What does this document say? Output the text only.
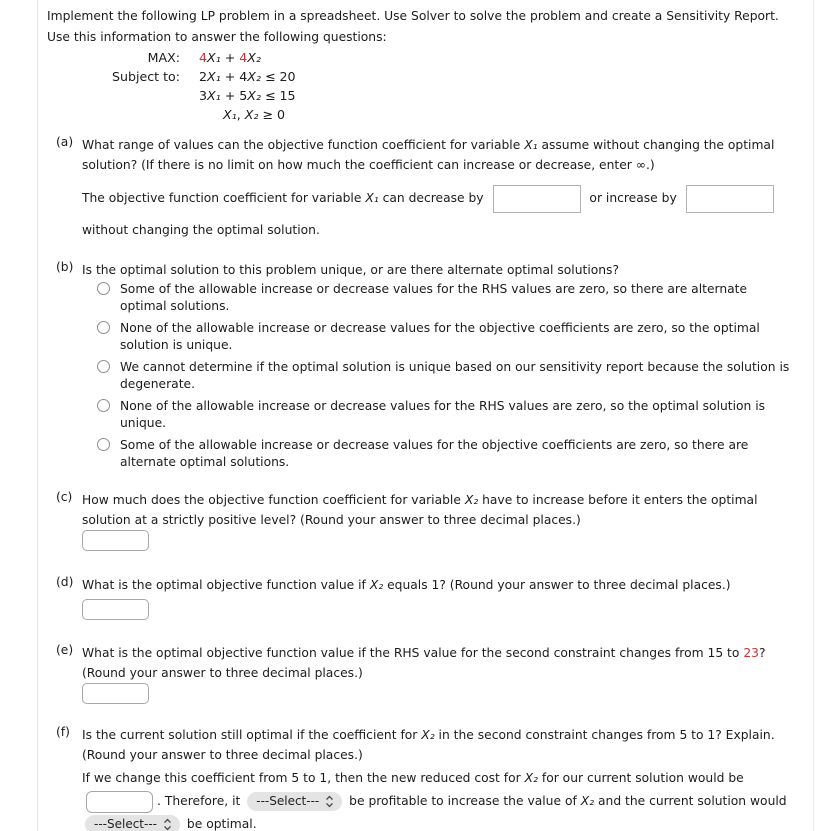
Implement the following LP problem in a spreadsheet. Use Solver to solve the problem and create a Sensitivity Report. Use this information to answer the following questions:

MAX: 4X₁ + 4X₂
Subject to: 2X₁ + 4X₂ ≤ 20
3X₁ + 5X₂ ≤ 15
X₁, X₂ ≥ 0
(a) What range of values can the objective function coefficient for variable X₁ assume without changing the optimal solution? (If there is no limit on how much the coefficient can increase or decrease, enter ∞.)

The objective function coefficient for variable X₁ can decrease by	or increase by  without changing the optimal solution.

(b) Is the optimal solution to this problem unique, or are there alternate optimal solutions?
Some of the allowable increase or decrease values for the RHS values are zero, so there are alternate optimal solutions.
None of the allowable increase or decrease values for the objective coefficients are zero, so the optimal solution is unique.
We cannot determine if the optimal solution is unique based on our sensitivity report because the solution is degenerate.
None of the allowable increase or decrease values for the RHS values are zero, so the optimal solution is unique.
Some of the allowable increase or decrease values for the objective coefficients are zero, so there are alternate optimal solutions.
(c) How much does the objective function coefficient for variable X₂ have to increase before it enters the optimal solution at a strictly positive level? (Round your answer to three decimal places.)
(d) What is the optimal objective function value if X₂ equals 1? (Round your answer to three decimal places.)
(e) What is the optimal objective function value if the RHS value for the second constraint changes from 15 to 23? (Round your answer to three decimal places.)
(f) Is the current solution still optimal if the coefficient for X₂ in the second constraint changes from 5 to 1? Explain. (Round your answer to three decimal places.)

If we change this coefficient from 5 to 1, then the new reduced cost for X₂ for our current solution would be . Therefore, it ---Select--- be profitable to increase the value of X₂ and the current solution would
---Select--- be optimal.
